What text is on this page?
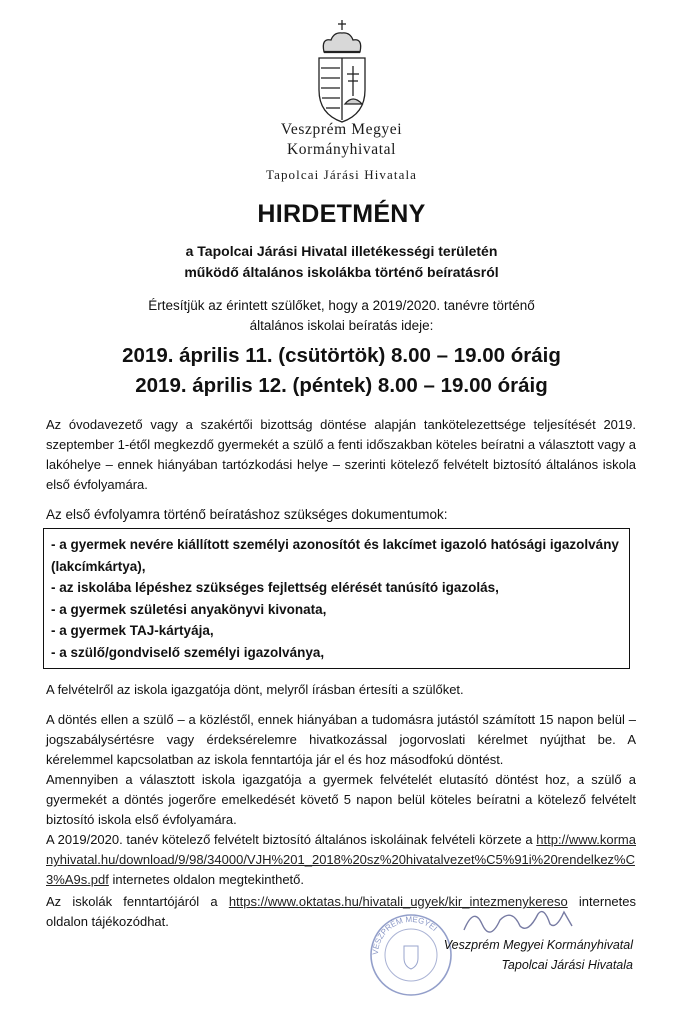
Veszprém Megyei
Kormányhivatal
Tapolcai Járási Hivatala
HIRDETMÉNY
a Tapolcai Járási Hivatal illetékességi területén
működő általános iskolákba történő beíratásról
Értesítjük az érintett szülőket, hogy a 2019/2020. tanévre történő
általános iskolai beíratás ideje:
2019. április 11. (csütörtök) 8.00 – 19.00 óráig
2019. április 12. (péntek) 8.00 – 19.00 óráig
Az óvodavezető vagy a szakértői bizottság döntése alapján tankötelezettsége teljesítését 2019. szeptember 1-étől megkezdő gyermekét a szülő a fenti időszakban köteles beíratni a választott vagy a lakóhelye – ennek hiányában tartózkodási helye – szerinti kötelező felvételt biztosító általános iskola első évfolyamára.
Az első évfolyamra történő beíratáshoz szükséges dokumentumok:
- a gyermek nevére kiállított személyi azonosítót és lakcímet igazoló hatósági igazolvány (lakcímkártya),
- az iskolába lépéshez szükséges fejlettség elérését tanúsító igazolás,
- a gyermek születési anyakönyvi kivonata,
- a gyermek TAJ-kártyája,
- a szülő/gondviselő személyi igazolványa,
A felvételről az iskola igazgatója dönt, melyről írásban értesíti a szülőket.
A döntés ellen a szülő – a közléstől, ennek hiányában a tudomásra jutástól számított 15 napon belül – jogszabálysértésre vagy érdeksérelemre hivatkozással jogorvoslati kérelmet nyújthat be. A kérelemmel kapcsolatban az iskola fenntartója jár el és hoz másodfokú döntést.
Amennyiben a választott iskola igazgatója a gyermek felvételét elutasító döntést hoz, a szülő a gyermekét a döntés jogerőre emelkedését követő 5 napon belül köteles beíratni a kötelező felvételt biztosító iskola első évfolyamára.
A 2019/2020. tanév kötelező felvételt biztosító általános iskoláinak felvételi körzete a http://www.kormanyhivatal.hu/download/9/98/34000/VJH%201_2018%20sz%20hivatalvezet%C5%91i%20rendelkez%C3%A9s.pdf internetes oldalon megtekinthető.
Az iskolák fenntartójáról a https://www.oktatas.hu/hivatali_ugyek/kir_intezmenykereso internetes oldalon tájékozódhat.
VESZPRÉM MEGYEI
Veszprém Megyei Kormányhivatal
Tapolcai Járási Hivatala
